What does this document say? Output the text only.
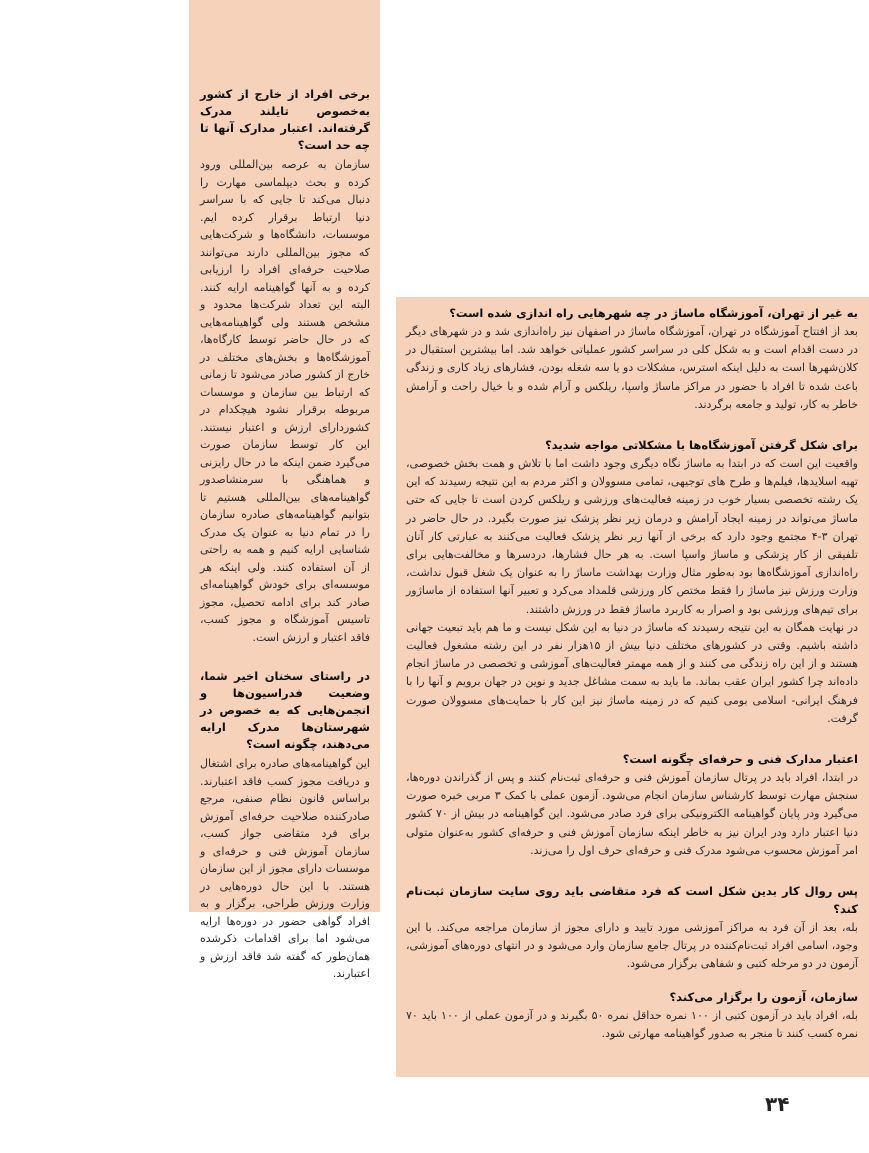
برخی افراد از خارج از کشور به‌خصوص تایلند مدرک گرفته‌اند. اعتبار مدارک آنها تا چه حد است؟

سازمان به عرصه بین‌المللی ورود کرده و بحث دیپلماسی مهارت را دنبال می‌کند تا جایی که با سراسر دنیا ارتباط برقرار کرده ایم. موسسات، دانشگاه‌ها و شرکت‌هایی که مجوز بین‌المللی دارند می‌توانند صلاحیت حرفه‌ای افراد را ارزیابی کرده و به آنها گواهینامه ارایه کنند. البته این تعداد شرکت‌ها محدود و مشخص هستند ولی گواهینامه‌هایی که در حال حاضر توسط کارگاه‌ها، آموزشگاه‌ها و بخش‌های مختلف در خارج از کشور صادر می‌شود تا زمانی که ارتباط بین سازمان و موسسات مربوطه برقرار نشود هیچکدام در کشوردارای ارزش و اعتبار نیستند. این کار توسط سازمان صورت می‌گیرد ضمن اینکه ما در حال رایزنی و هماهنگی با سرمنشاصدور گواهینامه‌های بین‌المللی هستیم تا بتوانیم گواهینامه‌های صادره سازمان را در تمام دنیا به عنوان یک مدرک شناسایی ارایه کنیم و همه به راحتی از آن استفاده کنند. ولی اینکه هر موسسه‌ای برای خودش گواهینامه‌ای صادر کند برای ادامه تحصیل، مجوز تاسیس آموزشگاه و مجوز کسب، فاقد اعتبار و ارزش است.

در راستای سخنان اخیر شما، وضعیت فدراسیون‌ها و انجمن‌هایی که به خصوص در شهرستان‌ها مدرک ارایه می‌دهند، چگونه است؟

این گواهینامه‌های صادره برای اشتغال و دریافت مجوز کسب فاقد اعتبارند. براساس قانون نظام صنفی، مرجع صادرکننده صلاحیت حرفه‌ای آموزش برای فرد متقاضی جواز کسب، سازمان آموزش فنی و حرفه‌ای و موسسات دارای مجوز از این سازمان هستند. با این حال دوره‌هایی در وزارت ورزش طراحی، برگزار و به افراد گواهی حضور در دوره‌ها ارایه می‌شود اما برای اقدامات ذکرشده همان‌طور که گفته شد فاقد ارزش و اعتبارند.

به غیر از تهران، آموزشگاه ماساژ در چه شهرهایی راه اندازی شده است؟

بعد از افتتاح آموزشگاه در تهران، آموزشگاه ماساژ در اصفهان نیز راه‌اندازی شد و در شهرهای دیگر در دست اقدام است و به شکل کلی در سراسر کشور عملیاتی خواهد شد. اما بیشترین استقبال در کلان‌شهرها است به دلیل اینکه استرس، مشکلات دو یا سه شغله بودن، فشارهای زیاد کاری و زندگی باعث شده تا افراد با حضور در مراکز ماساژ واسپا، ریلکس و آرام شده و با خیال راحت و آرامش خاطر به کار، تولید و جامعه برگردند.

برای شکل گرفتن آموزشگاه‌ها با مشکلاتی مواجه شدید؟

واقعیت این است که در ابتدا به ماساژ نگاه دیگری وجود داشت اما با تلاش و همت بخش خصوصی، تهیه اسلایدها، فیلم‌ها و طرح های توجیهی، تمامی مسوولان و اکثر مردم به این نتیجه رسیدند که این یک رشته تخصصی بسیار خوب در زمینه فعالیت‌های ورزشی و ریلکس کردن است تا جایی که حتی ماساژ می‌تواند در زمینه ایجاد آرامش و درمان زیر نظر پزشک نیز صورت بگیرد. در حال حاضر در تهران ۳-۴ مجتمع وجود دارد که برخی از آنها زیر نظر پزشک فعالیت می‌کنند به عبارتی کار آنان تلفیقی از کار پزشکی و ماساژ واسپا است. به هر حال فشارها، دردسرها و مخالفت‌هایی برای راه‌اندازی آموزشگاه‌ها بود به‌طور مثال وزارت بهداشت ماساژ را به عنوان یک شغل قبول نداشت، وزارت ورزش نیز ماساژ را فقط مختص کار ورزشی قلمداد می‌کرد و تعبیر آنها استفاده از ماساژور برای تیم‌های ورزشی بود و اصرار به کاربرد ماساژ فقط در ورزش داشتند.

در نهایت همگان به این نتیجه رسیدند که ماساژ در دنیا به این شکل نیست و ما هم باید تبعیت جهانی داشته باشیم. وقتی در کشورهای مختلف دنیا بیش از ۱۵هزار نفر در این رشته مشغول فعالیت هستند و از این راه زندگی می کنند و از همه مهمتر فعالیت‌های آموزشی و تخصصی در ماساژ انجام داده‌اند چرا کشور ایران عقب بماند. ما باید به سمت مشاغل جدید و نوین در جهان برویم و آنها را با فرهنگ ایرانی- اسلامی بومی کنیم که در زمینه ماساژ نیز این کار با حمایت‌های مسوولان صورت گرفت.

اعتبار مدارک فنی و حرفه‌ای چگونه است؟

در ابتدا، افراد باید در پرتال سازمان آموزش فنی و حرفه‌ای ثبت‌نام کنند و پس از گذراندن دوره‌ها، سنجش مهارت توسط کارشناس سازمان انجام می‌شود. آزمون عملی با کمک ۳ مربی خبره صورت می‌گیرد ودر پایان گواهینامه الکترونیکی برای فرد صادر می‌شود. این گواهینامه در بیش از ۷۰ کشور دنیا اعتبار دارد ودر ایران نیز به خاطر اینکه سازمان آموزش فنی و حرفه‌ای کشور به‌عنوان متولی امر آموزش محسوب می‌شود مدرک فنی و حرفه‌ای حرف اول را می‌زند.

پس روال کار بدین شکل است که فرد متقاضی باید روی سایت سازمان ثبت‌نام کند؟

بله، بعد از آن فرد به مراکز آموزشی مورد تایید و دارای مجوز از سازمان مراجعه می‌کند. با این وجود، اسامی افراد ثبت‌نام‌کننده در پرتال جامع سازمان وارد می‌شود و در انتهای دوره‌های آموزشی، آزمون در دو مرحله کتبی و شفاهی برگزار می‌شود.

سازمان، آزمون را برگزار می‌کند؟

بله، افراد باید در آزمون کتبی از ۱۰۰ نمره حداقل نمره ۵۰ بگیرند و در آزمون عملی از ۱۰۰ باید ۷۰ نمره کسب کنند تا منجر به صدور گواهینامه مهارتی شود.

۳۴
